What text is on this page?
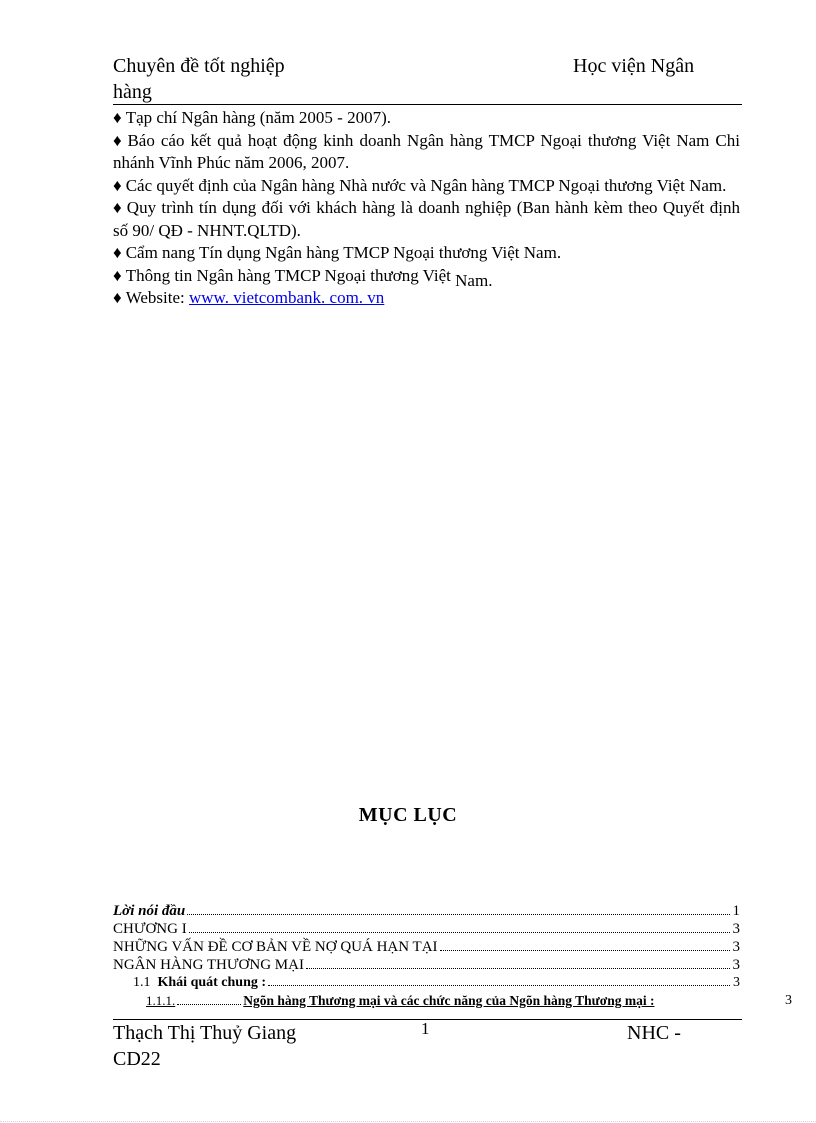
Chuyên đề tốt nghiệp
hàng
Học viện Ngân

♦ Tạp chí Ngân hàng (năm 2005 - 2007).

♦ Báo cáo kết quả hoạt động kinh doanh Ngân hàng TMCP Ngoại thương Việt Nam Chi nhánh Vĩnh Phúc năm 2006, 2007.

♦ Các quyết định của Ngân hàng Nhà nước và Ngân hàng TMCP Ngoại thương Việt Nam.

♦ Quy trình tín dụng đối với khách hàng là doanh nghiệp (Ban hành kèm theo Quyết định số 90/ QĐ - NHNT.QLTD).

♦ Cẩm nang Tín dụng Ngân hàng TMCP Ngoại thương Việt Nam.

♦ Thông tin Ngân hàng TMCP Ngoại thương Việt Nam.

♦ Website: www. vietcombank. com. vn

MỤC LỤC
Lời nói đầu	1
CHƯƠNG I	3
NHỮNG VẤN ĐỀ CƠ BẢN VỀ NỢ QUÁ HẠN TẠI	3
NGÂN HÀNG THƯƠNG MẠI	3
1.1 Khái quát chung :	3
1.1.1.	Ngõn hàng Thương mại và các chức năng của Ngõn hàng Thương mại :	3
Thạch Thị Thuỷ Giang
CD22
1	NHC -
